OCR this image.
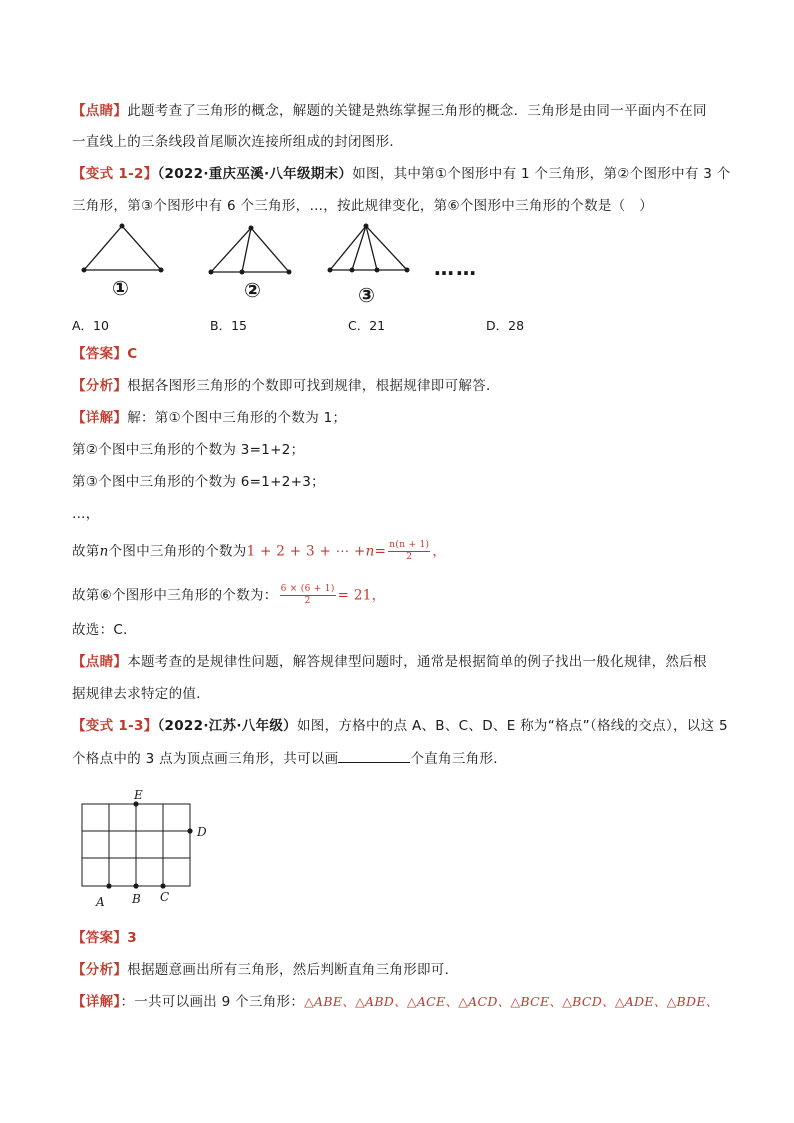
【点睛】此题考查了三角形的概念，解题的关键是熟练掌握三角形的概念．三角形是由同一平面内不在同
一直线上的三条线段首尾顺次连接所组成的封闭图形．
【变式 1-2】（2022·重庆巫溪·八年级期末）如图，其中第①个图形中有 1 个三角形，第②个图形中有 3 个
三角形，第③个图形中有 6 个三角形，…，按此规律变化，第⑥个图形中三角形的个数是（　）
①	②	③
……
A．10	B．15	C．21	D．28
【答案】C
【分析】根据各图形三角形的个数即可找到规律，根据规律即可解答．
【详解】解：第①个图中三角形的个数为 1；
第②个图中三角形的个数为 3=1+2；
第③个图中三角形的个数为 6=1+2+3；
…，
故第n个图中三角形的个数为1 + 2 + 3 + ⋯ $+n= \frac{n(n + 1)}{2}$ ，
故第⑥个图形中三角形的个数为： $\frac{6 \times (6 + 1)}{2} = 21$，
故选：C．
【点睛】本题考查的是规律性问题，解答规律型问题时，通常是根据简单的例子找出一般化规律，然后根
据规律去求特定的值．
【变式 1-3】（2022·江苏·八年级）如图，方格中的点 A、B、C、D、E 称为“格点”（格线的交点），以这 5
个格点中的 3 点为顶点画三角形，共可以画	个直角三角形．
E
D
A B C
【答案】3
【分析】根据题意画出所有三角形，然后判断直角三角形即可．
【详解】：一共可以画出 9 个三角形：△ABE、△ABD、△ACE、△ACD、△BCE、△BCD、△ADE、△BDE、
